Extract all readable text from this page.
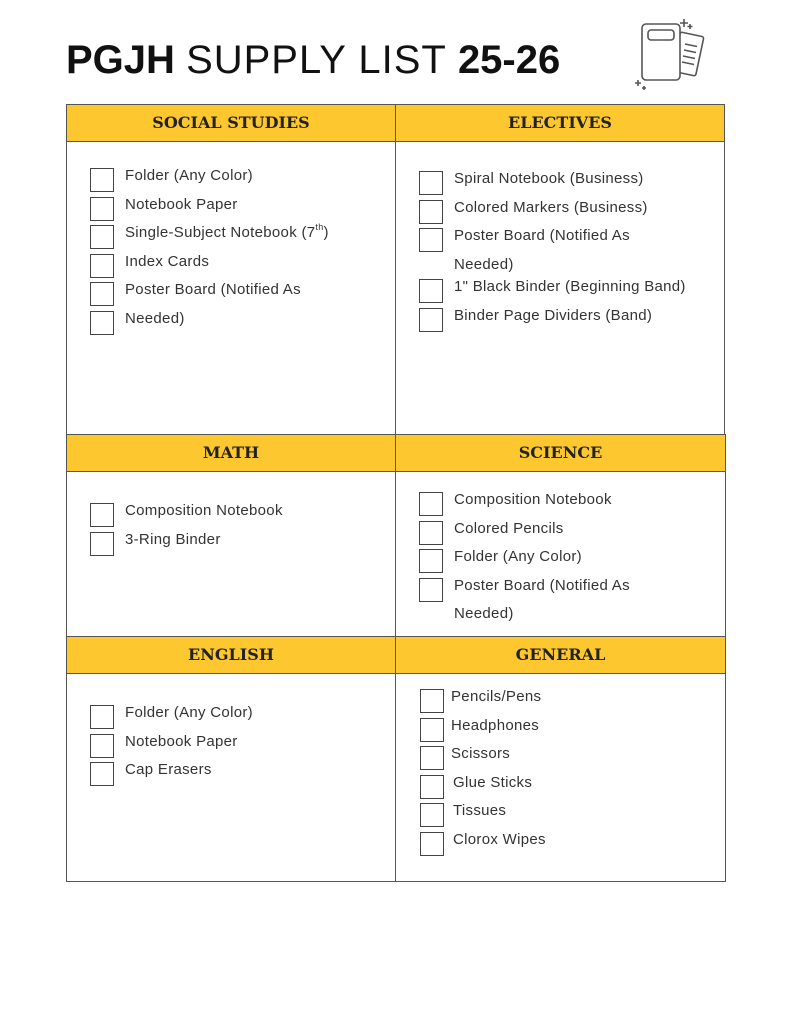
PGJH SUPPLY LIST 25-26
SOCIAL STUDIES
Folder (Any Color)
Notebook Paper
Single-Subject Notebook (7th)
Index Cards
Poster Board (Notified As
Needed)
ELECTIVES
Spiral Notebook (Business)
Colored Markers (Business)
Poster Board (Notified As
Needed)
1" Black Binder (Beginning Band)
Binder Page Dividers (Band)
MATH
Composition Notebook
3-Ring Binder
SCIENCE
Composition Notebook
Colored Pencils
Folder (Any Color)
Poster Board (Notified As
Needed)
ENGLISH
Folder (Any Color)
Notebook Paper
Cap Erasers
GENERAL
Pencils/Pens
Headphones
Scissors
Glue Sticks
Tissues
Clorox Wipes
